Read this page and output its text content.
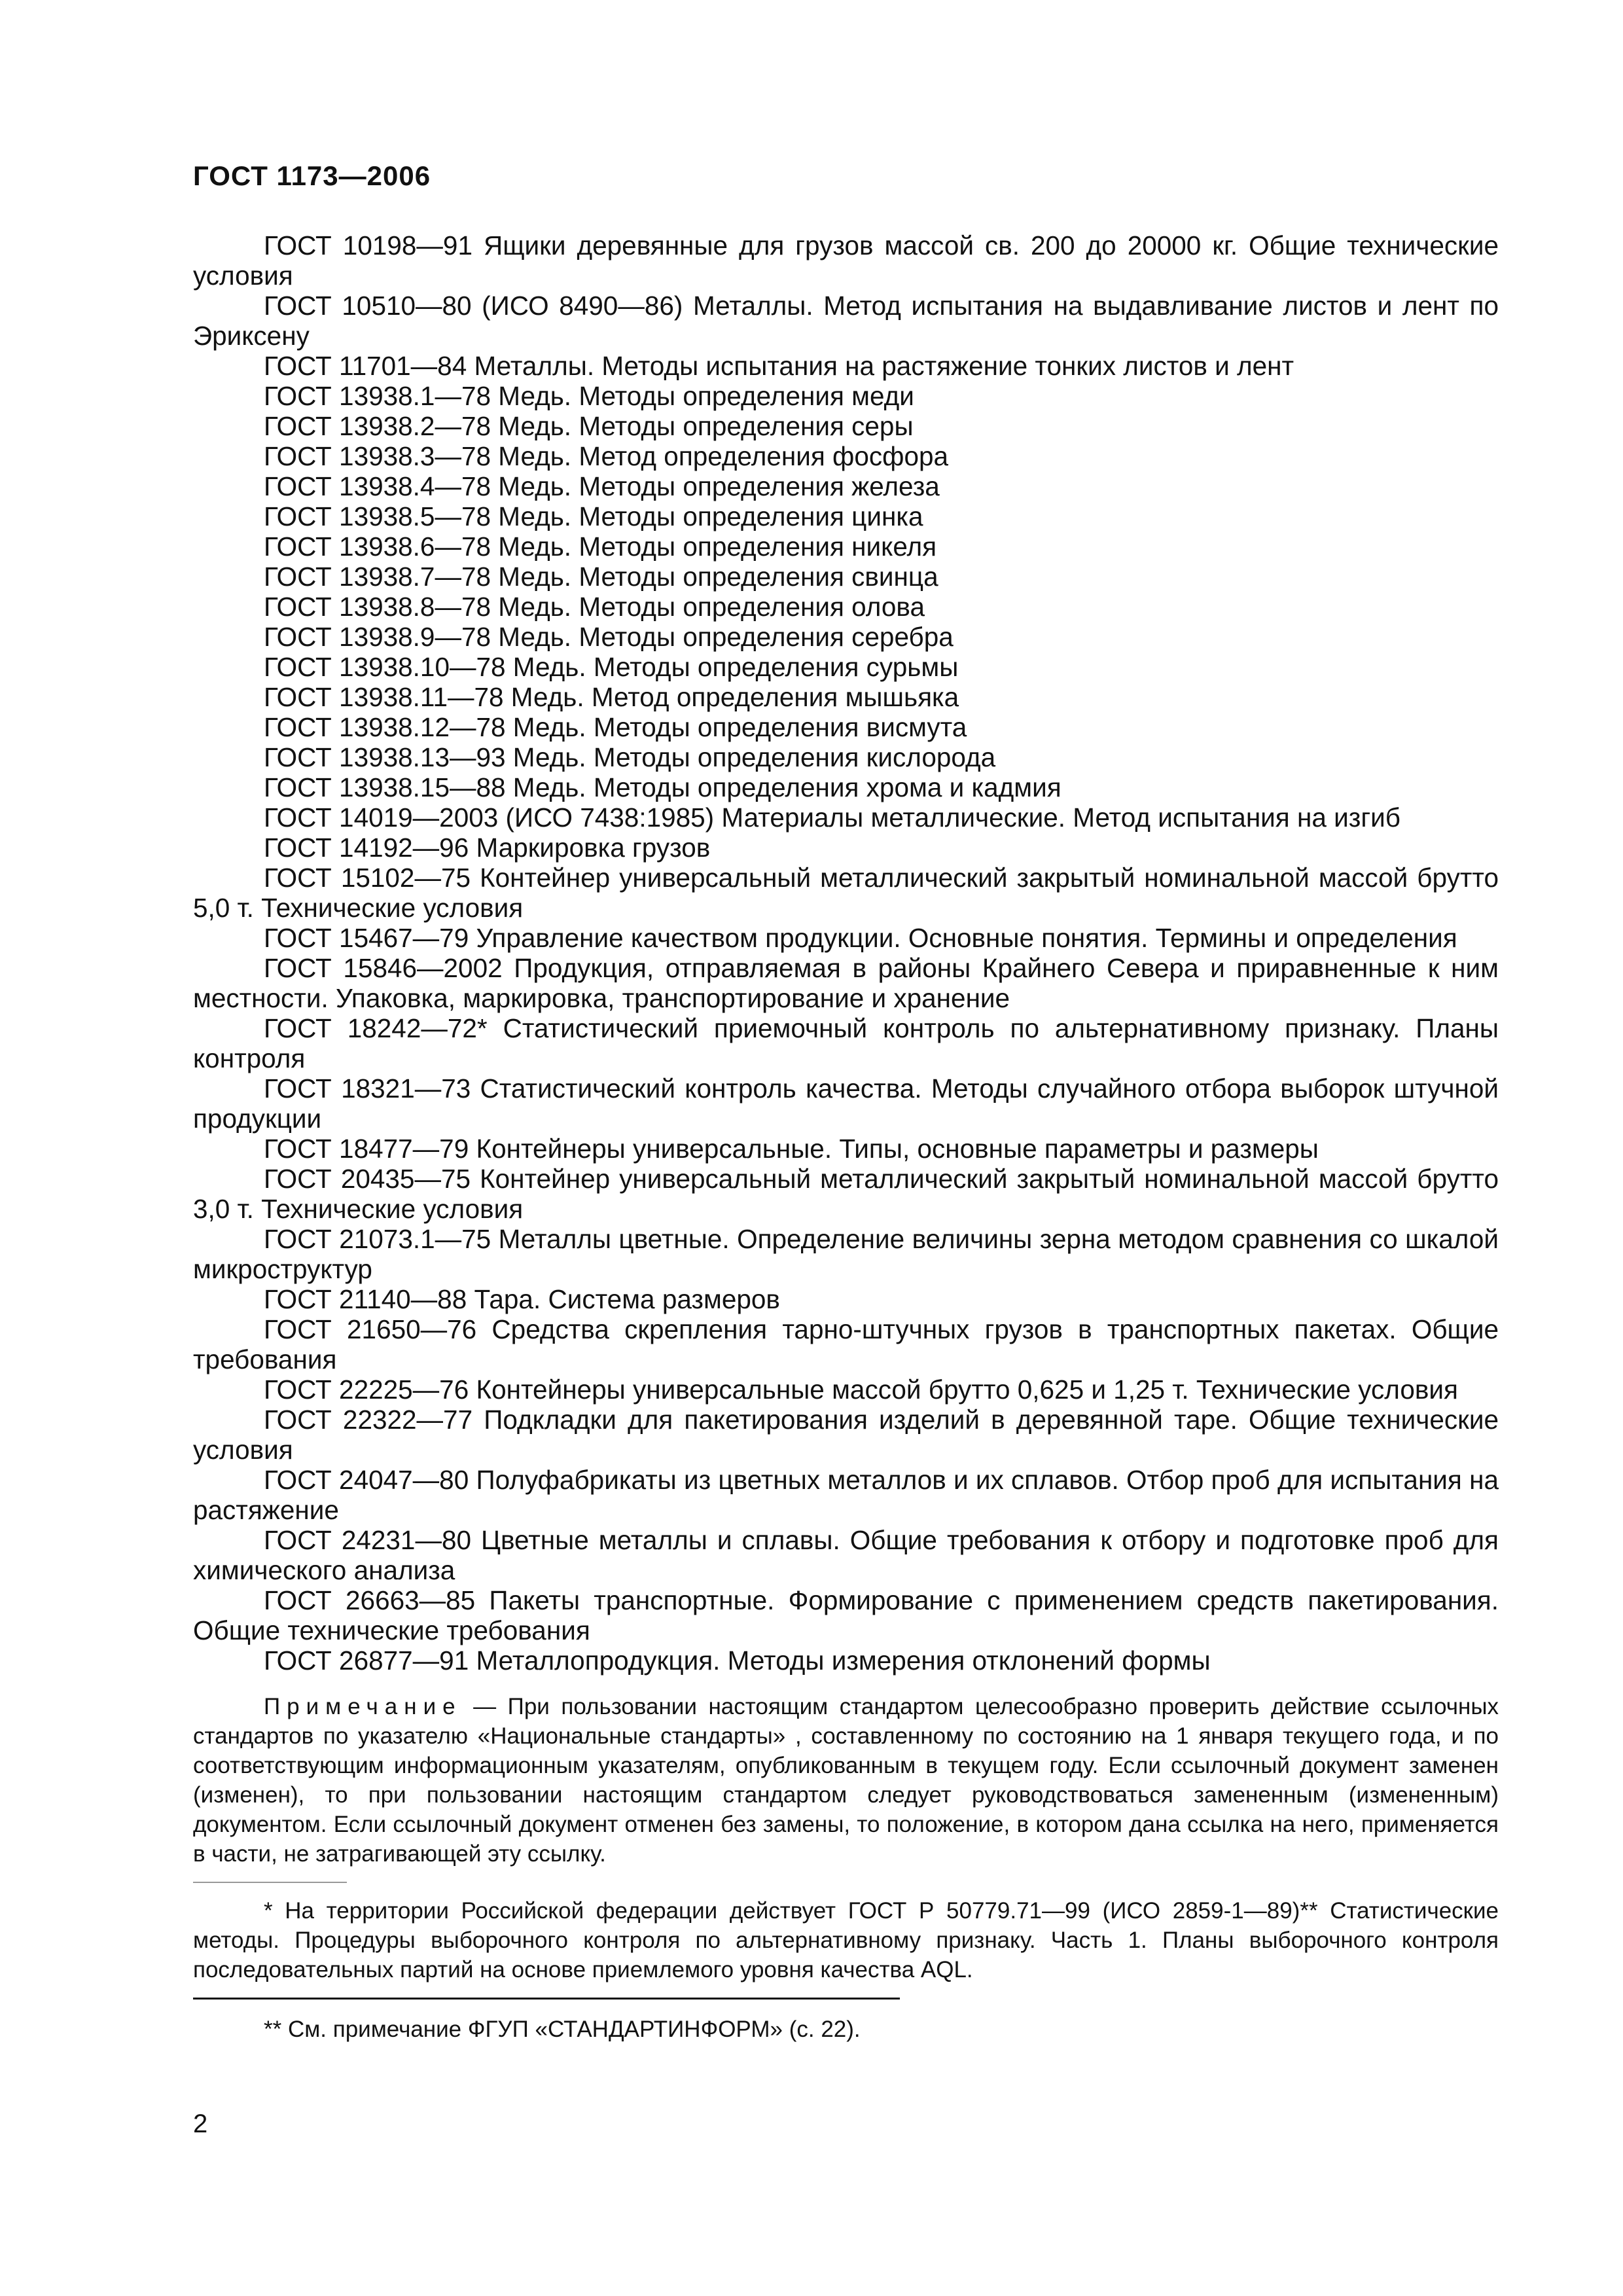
ГОСТ 1173—2006

ГОСТ 10198—91 Ящики деревянные для грузов массой св. 200 до 20000 кг. Общие технические условия

ГОСТ 10510—80 (ИСО 8490—86) Металлы. Метод испытания на выдавливание листов и лент по Эриксену

ГОСТ 11701—84 Металлы. Методы испытания на растяжение тонких листов и лент

ГОСТ 13938.1—78 Медь. Методы определения меди

ГОСТ 13938.2—78 Медь. Методы определения серы

ГОСТ 13938.3—78 Медь. Метод определения фосфора

ГОСТ 13938.4—78 Медь. Методы определения железа

ГОСТ 13938.5—78 Медь. Методы определения цинка

ГОСТ 13938.6—78 Медь. Методы определения никеля

ГОСТ 13938.7—78 Медь. Методы определения свинца

ГОСТ 13938.8—78 Медь. Методы определения олова

ГОСТ 13938.9—78 Медь. Методы определения серебра

ГОСТ 13938.10—78 Медь. Методы определения сурьмы

ГОСТ 13938.11—78 Медь. Метод определения мышьяка

ГОСТ 13938.12—78 Медь. Методы определения висмута

ГОСТ 13938.13—93 Медь. Методы определения кислорода

ГОСТ 13938.15—88 Медь. Методы определения хрома и кадмия

ГОСТ 14019—2003 (ИСО 7438:1985) Материалы металлические. Метод испытания на изгиб

ГОСТ 14192—96 Маркировка грузов

ГОСТ 15102—75 Контейнер универсальный металлический закрытый номинальной массой брутто 5,0 т. Технические условия

ГОСТ 15467—79 Управление качеством продукции. Основные понятия. Термины и определения

ГОСТ 15846—2002 Продукция, отправляемая в районы Крайнего Севера и приравненные к ним местности. Упаковка, маркировка, транспортирование и хранение

ГОСТ 18242—72* Статистический приемочный контроль по альтернативному признаку. Планы контроля

ГОСТ 18321—73 Статистический контроль качества. Методы случайного отбора выборок штучной продукции

ГОСТ 18477—79 Контейнеры универсальные. Типы, основные параметры и размеры

ГОСТ 20435—75 Контейнер универсальный металлический закрытый номинальной массой брутто 3,0 т. Технические условия

ГОСТ 21073.1—75 Металлы цветные. Определение величины зерна методом сравнения со шкалой микроструктур

ГОСТ 21140—88 Тара. Система размеров

ГОСТ 21650—76 Средства скрепления тарно-штучных грузов в транспортных пакетах. Общие требования

ГОСТ 22225—76 Контейнеры универсальные массой брутто 0,625 и 1,25 т. Технические условия

ГОСТ 22322—77 Подкладки для пакетирования изделий в деревянной таре. Общие технические условия

ГОСТ 24047—80 Полуфабрикаты из цветных металлов и их сплавов. Отбор проб для испытания на растяжение

ГОСТ 24231—80 Цветные металлы и сплавы. Общие требования к отбору и подготовке проб для химического анализа

ГОСТ 26663—85 Пакеты транспортные. Формирование с применением средств пакетирования. Общие технические требования

ГОСТ 26877—91 Металлопродукция. Методы измерения отклонений формы

Примечание — При пользовании настоящим стандартом целесообразно проверить действие ссылочных стандартов по указателю «Национальные стандарты» , составленному по состоянию на 1 января текущего года, и по соответствующим информационным указателям, опубликованным в текущем году. Если ссылочный документ заменен (изменен), то при пользовании настоящим стандартом следует руководствоваться замененным (измененным) документом. Если ссылочный документ отменен без замены, то положение, в котором дана ссылка на него, применяется в части, не затрагивающей эту ссылку.

* На территории Российской федерации действует ГОСТ Р 50779.71—99 (ИСО 2859-1—89)** Статистические методы. Процедуры выборочного контроля по альтернативному признаку. Часть 1. Планы выборочного контроля последовательных партий на основе приемлемого уровня качества AQL.

** См. примечание ФГУП «СТАНДАРТИНФОРМ» (с. 22).
2
